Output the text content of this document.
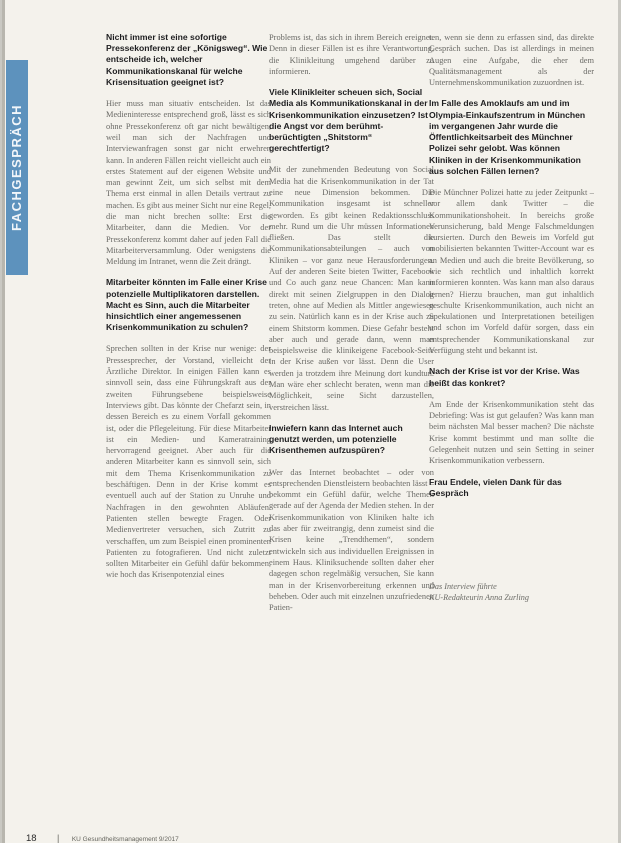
FACHGESPRÄCH

Nicht immer ist eine sofortige Pressekonferenz der „Königsweg“. Wie entscheide ich, welcher Kommunikationskanal für welche Krisensituation geeignet ist?

Hier muss man situativ entscheiden. Ist das Medieninteresse entsprechend groß, lässt es sich ohne Pressekonferenz oft gar nicht bewältigen, weil man sich der Nachfragen und Interviewanfragen sonst gar nicht erwehren kann. In anderen Fällen reicht vielleicht auch ein erstes Statement auf der eigenen Website und man gewinnt Zeit, um sich selbst mit dem Thema erst einmal in allen Details vertraut zu machen. Es gibt aus meiner Sicht nur eine Regel, die man nicht brechen sollte: Erst die Mitarbeiter, dann die Medien. Vor der Pressekonferenz kommt daher auf jeden Fall die Mitarbeiterversammlung. Oder wenigstens die Meldung im Intranet, wenn die Zeit drängt.

Mitarbeiter könnten im Falle einer Krise potenzielle Multiplikatoren darstellen. Macht es Sinn, auch die Mitarbeiter hinsichtlich einer angemessenen Krisenkommunikation zu schulen?

Sprechen sollten in der Krise nur wenige: der Pressesprecher, der Vorstand, vielleicht der Ärztliche Direktor. In einigen Fällen kann es sinnvoll sein, dass eine Führungskraft aus der zweiten Führungsebene beispielsweise Interviews gibt. Das könnte der Chefarzt sein, in dessen Bereich es zu einem Vorfall gekommen ist, oder die Pflegeleitung. Für diese Mitarbeiter ist ein Medien- und Kameratraining hervorragend geeignet. Aber auch für die anderen Mitarbeiter kann es sinnvoll sein, sich mit dem Thema Krisenkommunikation zu beschäftigen. Denn in der Krise kommt es eventuell auch auf der Station zu Unruhe und Nachfragen in den gewohnten Abläufen. Patienten stellen bewegte Fragen. Oder Medienvertreter versuchen, sich Zutritt zu verschaffen, um zum Beispiel einen prominenten Patienten zu fotografieren. Und nicht zuletzt sollten Mitarbeiter ein Gefühl dafür bekommen, wie hoch das Krisenpotenzial eines

Problems ist, das sich in ihrem Bereich ereignet. Denn in dieser Fällen ist es ihre Verantwortung, die Klinikleitung umgehend darüber zu informieren.

Viele Klinikleiter scheuen sich, Social Media als Kommunikationskanal in der Krisenkommunikation einzusetzen? Ist die Angst vor dem berühmt-berüchtigten „Shitstorm“ gerechtfertigt?

Mit der zunehmenden Bedeutung von Social Media hat die Krisenkommunikation in der Tat eine neue Dimension bekommen. Die Kommunikation insgesamt ist schneller geworden. Es gibt keinen Redaktionsschluss mehr. Rund um die Uhr müssen Informationen fließen. Das stellt die Kommunikationsabteilungen – auch von Kliniken – vor ganz neue Herausforderungen. Auf der anderen Seite bieten Twitter, Facebook und Co auch ganz neue Chancen: Man kann direkt mit seinen Zielgruppen in den Dialog treten, ohne auf Medien als Mittler angewiesen zu sein. Natürlich kann es in der Krise auch zu einem Shitstorm kommen. Diese Gefahr besteht aber auch und gerade dann, wenn man beispielsweise die klinikeigene Facebook-Seite in der Krise außen vor lässt. Denn die User werden ja trotzdem ihre Meinung dort kundtun. Man wäre eher schlecht beraten, wenn man die Möglichkeit, seine Sicht darzustellen, verstreichen lässt.

Inwiefern kann das Internet auch genutzt werden, um potenzielle Krisenthemen aufzuspüren?

Wer das Internet beobachtet – oder von entsprechenden Dienstleistern beobachten lässt – bekommt ein Gefühl dafür, welche Themen gerade auf der Agenda der Medien stehen. In der Krisenkommunikation von Kliniken halte ich das aber für zweitrangig, denn zumeist sind die Krisen keine „Trendthemen“, sondern entwickeln sich aus individuellen Ereignissen in einem Haus. Kliniksuchende sollten daher eher dagegen schon regelmäßig versuchen, Sie kann man in der Krisenvorbereitung erkennen und beheben. Oder auch mit einzelnen unzufriedenen Patien-

ten, wenn sie denn zu erfassen sind, das direkte Gespräch suchen. Das ist allerdings in meinen Augen eine Aufgabe, die eher dem Qualitätsmanagement als der Unternehmenskommunikation zuzuordnen ist.

Im Falle des Amoklaufs am und im Olympia-Einkaufszentrum in München im vergangenen Jahr wurde die Öffentlichkeitsarbeit des Münchner Polizei sehr gelobt. Was können Kliniken in der Krisenkommunikation aus solchen Fällen lernen?

Die Münchner Polizei hatte zu jeder Zeitpunkt – vor allem dank Twitter – die Kommunikationshoheit. In bereichs große Verunsicherung, bald Menge Falschmeldungen kursierten. Durch den Beweis im Vorfeld gut mobilisierten bekannten Twitter-Account war es an Medien und auch die breite Bevölkerung, so wie sich rechtlich und inhaltlich korrekt informieren konnten. Was kann man also daraus lernen? Hierzu brauchen, man gut inhaltlich geschulte Krisenkommunikation, auch nicht an Spekulationen und Interpretationen beteiligen und schon im Vorfeld dafür sorgen, dass ein entsprechender Kommunikationskanal zur Verfügung steht und bekannt ist.

Nach der Krise ist vor der Krise. Was heißt das konkret?

Am Ende der Krisenkommunikation steht das Debriefing: Was ist gut gelaufen? Was kann man beim nächsten Mal besser machen? Die nächste Krise kommt bestimmt und man sollte die Gelegenheit nutzen und sein Setting in seiner Krisenkommunikation verbessern.

Frau Endele, vielen Dank für das Gespräch

Das Interview führte
KU-Redakteurin Anna Zurling
18 | KU Gesundheitsmanagement 9/2017
